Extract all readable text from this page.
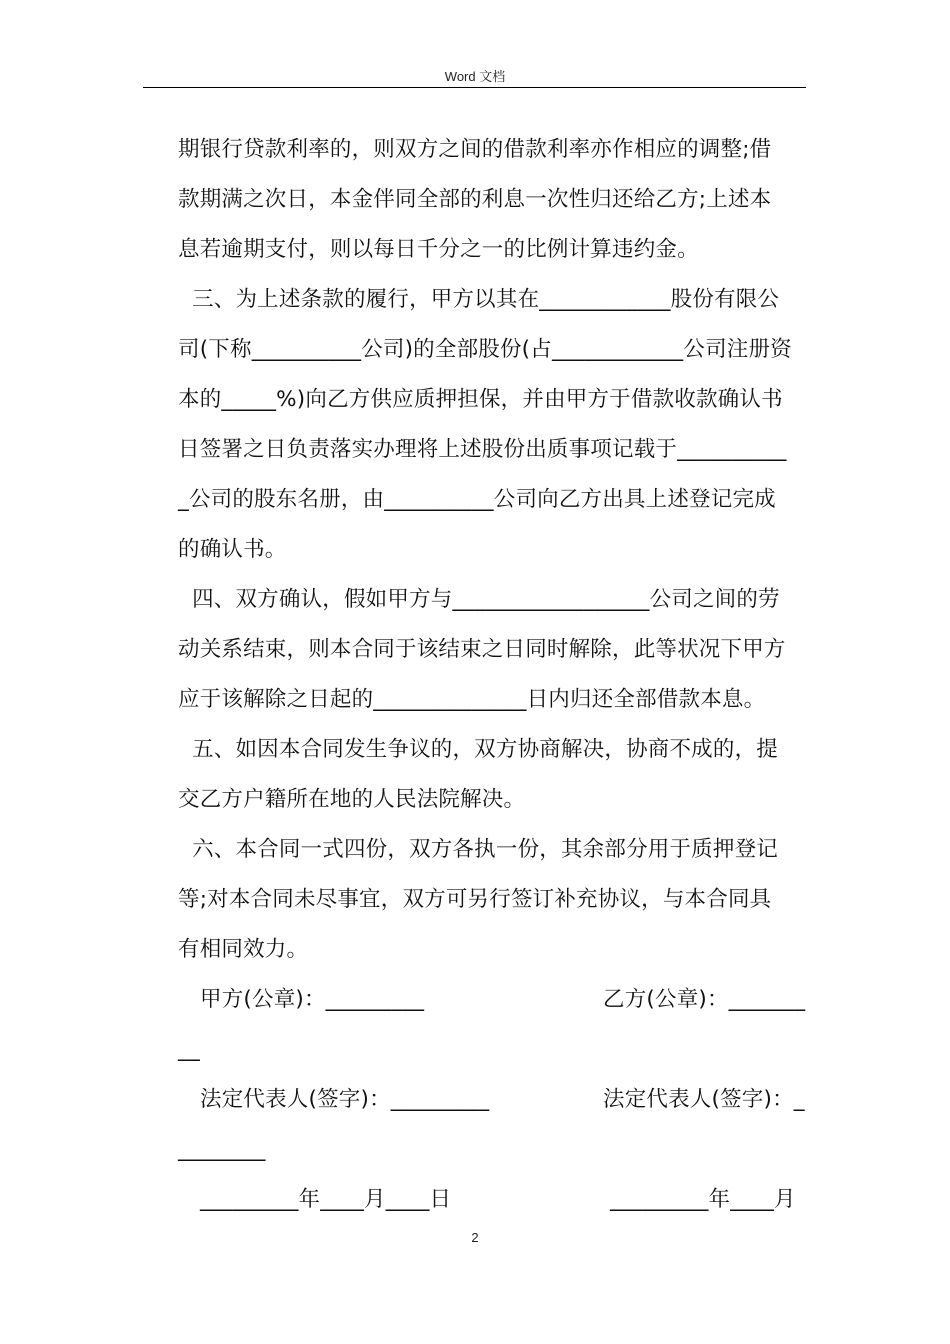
Word 文档
期银行贷款利率的，则双方之间的借款利率亦作相应的调整;借
款期满之次日，本金伴同全部的利息一次性归还给乙方;上述本
息若逾期支付，则以每日千分之一的比例计算违约金。
三、为上述条款的履行，甲方以其在____________股份有限公
司(下称__________公司)的全部股份(占____________公司注册资
本的_____%)向乙方供应质押担保，并由甲方于借款收款确认书
日签署之日负责落实办理将上述股份出质事项记载于__________
_公司的股东名册，由__________公司向乙方出具上述登记完成
的确认书。
四、双方确认，假如甲方与__________________公司之间的劳
动关系结束，则本合同于该结束之日同时解除，此等状况下甲方
应于该解除之日起的______________日内归还全部借款本息。
五、如因本合同发生争议的，双方协商解决，协商不成的，提
交乙方户籍所在地的人民法院解决。
六、本合同一式四份，双方各执一份，其余部分用于质押登记
等;对本合同未尽事宜，双方可另行签订补充协议，与本合同具
有相同效力。
甲方(公章)：_________	乙方(公章)：_______
__
法定代表人(签字)：_________	法定代表人(签字)：_
________
_________年____月____日	_________年____月
2
